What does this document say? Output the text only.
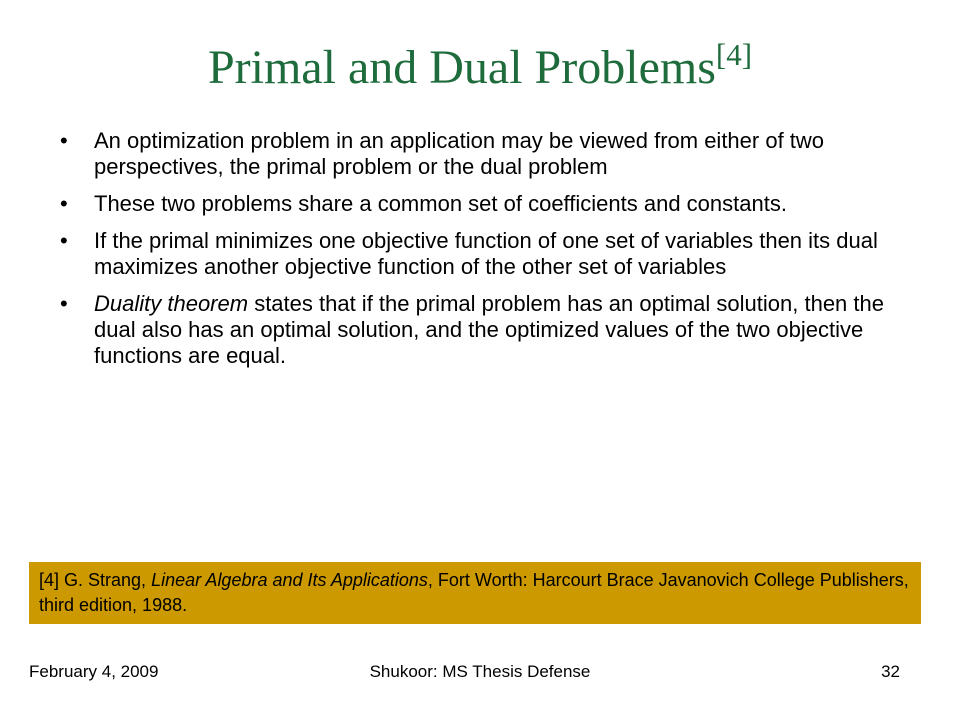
Primal and Dual Problems[4]
• An optimization problem in an application may be viewed from either of two perspectives, the primal problem or the dual problem
• These two problems share a common set of coefficients and constants.
• If the primal minimizes one objective function of one set of variables then its dual maximizes another objective function of the other set of variables
• Duality theorem states that if the primal problem has an optimal solution, then the dual also has an optimal solution, and the optimized values of the two objective functions are equal.
[4] G. Strang, Linear Algebra and Its Applications, Fort Worth: Harcourt Brace Javanovich College Publishers, third edition, 1988.
Shukoor: MS Thesis Defense
February 4, 2009	32
